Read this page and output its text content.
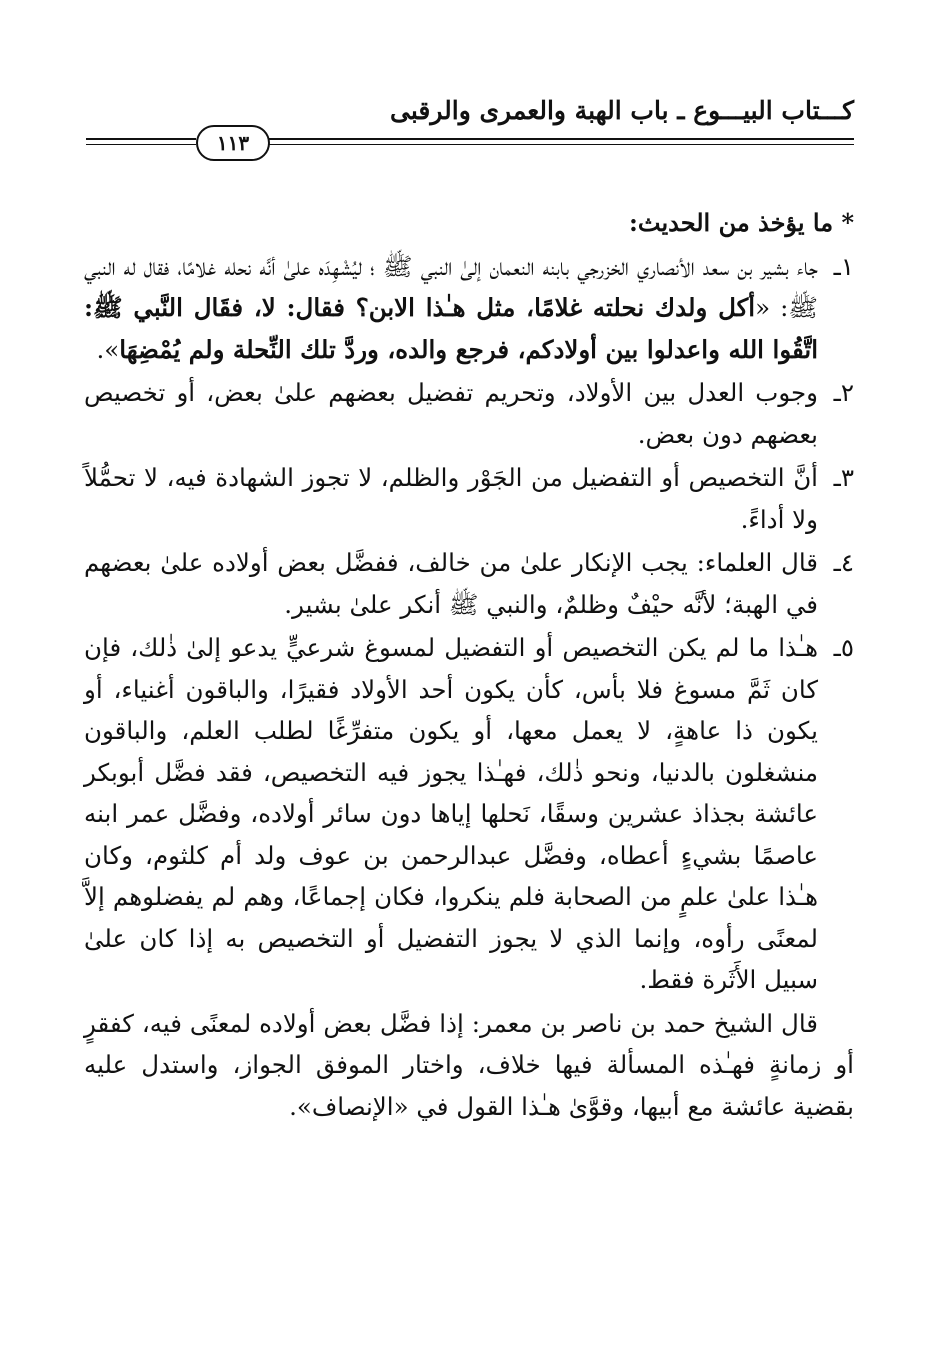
كـــتاب البيـــوع ـ باب الهبة والعمرى والرقبى
١١٣
* ما يؤخذ من الحديث:
١ـ
جاء بشير بن سعد الأنصاري الخزرجي بابنه النعمان إلىٰ النبي ﷺ ؛ ليُشْهِدَه علىٰ أنَّه نحله غلامًا، فقال له النبي ﷺ: «أكل ولدك نحلته غلامًا، مثل هـٰذا الابن؟ فقال: لا، فقَال النَّبي ﷺ: اتَّقُوا الله واعدلوا بين أولادكم، فرجع والده، وردَّ تلك النِّحلة ولم يُمْضِهَا».
٢ـ
وجوب العدل بين الأولاد، وتحريم تفضيل بعضهم علىٰ بعض، أو تخصيص بعضهم دون بعض.
٣ـ
أنَّ التخصيص أو التفضيل من الجَوْر والظلم، لا تجوز الشهادة فيه، لا تحمُّلاً ولا أداءً.
٤ـ
قال العلماء: يجب الإنكار علىٰ من خالف، ففضَّل بعض أولاده علىٰ بعضهم في الهبة؛ لأنَّه حيْفٌ وظلمٌ، والنبي ﷺ أنكر علىٰ بشير.
٥ـ
هـٰذا ما لم يكن التخصيص أو التفضيل لمسوغ شرعيٍّ يدعو إلىٰ ذٰلك، فإن كان ثَمَّ مسوغ فلا بأس، كأن يكون أحد الأولاد فقيرًا، والباقون أغنياء، أو يكون ذا عاهةٍ، لا يعمل معها، أو يكون متفرِّغًا لطلب العلم، والباقون منشغلون بالدنيا، ونحو ذٰلك، فهـٰذا يجوز فيه التخصيص، فقد فضَّل أبوبكر عائشة بجذاذ عشرين وسقًا، نَحلها إياها دون سائر أولاده، وفضَّل عمر ابنه عاصمًا بشيءٍ أعطاه، وفضَّل عبدالرحمن بن عوف ولد أم كلثوم، وكان هـٰذا علىٰ علمٍ من الصحابة فلم ينكروا، فكان إجماعًا، وهم لم يفضلوهم إلاَّ لمعنًى رأوه، وإنما الذي لا يجوز التفضيل أو التخصيص به إذا كان علىٰ سبيل الأَثَرة فقط.
قال الشيخ حمد بن ناصر بن معمر: إذا فضَّل بعض أولاده لمعنًى فيه، كفقرٍ أو زمانةٍ فهـٰذه المسألة فيها خلاف، واختار الموفق الجواز، واستدل عليه بقضية عائشة مع أبيها، وقوَّىٰ هـٰذا القول في «الإنصاف».
